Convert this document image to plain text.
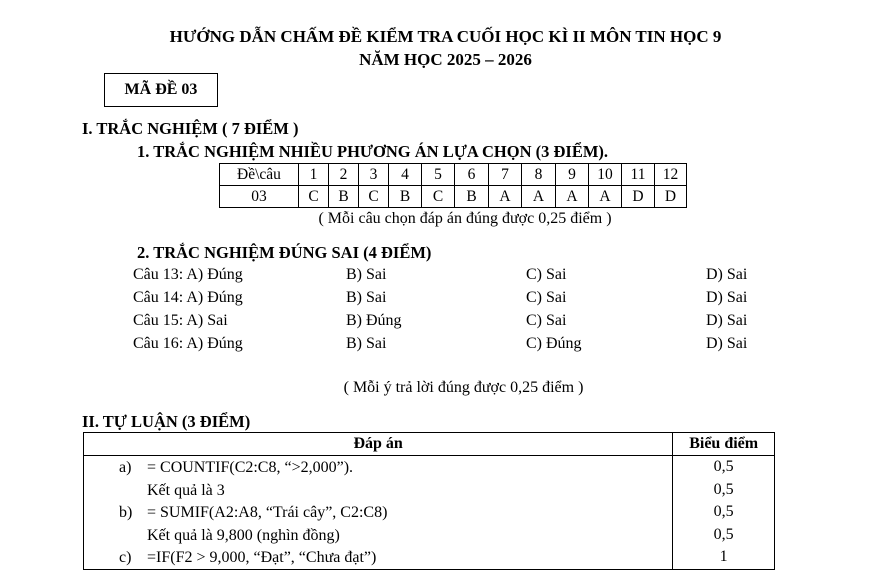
HƯỚNG DẪN CHẤM ĐỀ KIỂM TRA CUỐI HỌC KÌ II MÔN TIN HỌC 9
NĂM HỌC 2025 – 2026
MÃ ĐỀ 03
I. TRẮC NGHIỆM ( 7 ĐIỂM )
1. TRẮC NGHIỆM NHIỀU PHƯƠNG ÁN LỰA CHỌN (3 ĐIỂM).
Đề\câu	1	2	3	4	5	6	7	8	9	10	11	12
03	C	B	C	B	C	B	A	A	A	A	D	D
( Mỗi câu chọn đáp án đúng được 0,25 điểm )
2. TRẮC NGHIỆM ĐÚNG SAI (4 ĐIỂM)
Câu 13: A) Đúng	B) Sai	C) Sai	D) Sai
Câu 14: A) Đúng	B) Sai	C) Sai	D) Sai
Câu 15: A) Sai	B) Đúng	C) Sai	D) Sai
Câu 16: A) Đúng	B) Sai	C) Đúng	D) Sai
( Mỗi ý trả lời đúng được 0,25 điểm )
II. TỰ LUẬN (3 ĐIỂM)
Đáp án	Biểu điểm

a) = COUNTIF(C2:C8, “>2,000”).	0,5

Kết quả là 3	0,5

b) = SUMIF(A2:A8, “Trái cây”, C2:C8)	0,5

Kết quả là 9,800 (nghìn đồng)	0,5

c) =IF(F2 > 9,000, “Đạt”, “Chưa đạt”)	1
